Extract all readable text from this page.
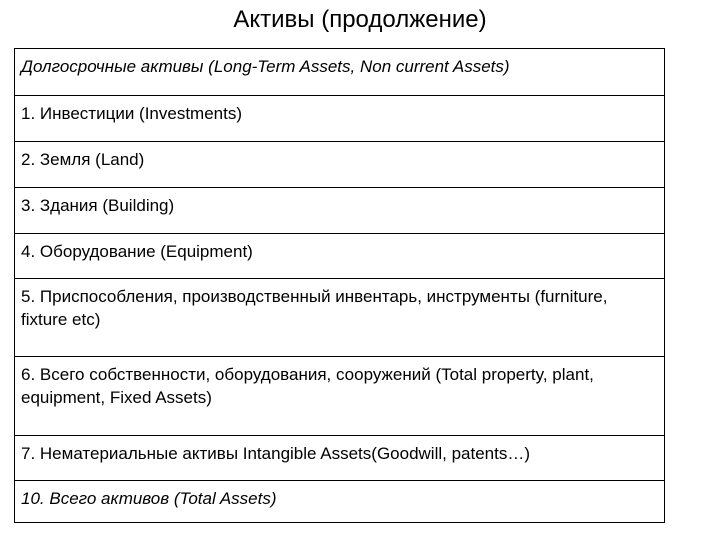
Активы (продолжение)
Долгосрочные активы (Long-Term Assets, Non current Assets)
1. Инвестиции (Investments)
2. Земля (Land)
3. Здания (Building)
4. Оборудование (Equipment)
5. Приспособления, производственный инвентарь, инструменты (furniture, fixture etc)
6. Всего собственности, оборудования, сооружений (Total property, plant, equipment, Fixed Assets)
7. Нематериальные активы Intangible Assets(Goodwill, patents…)
10. Всего активов (Total Assets)
